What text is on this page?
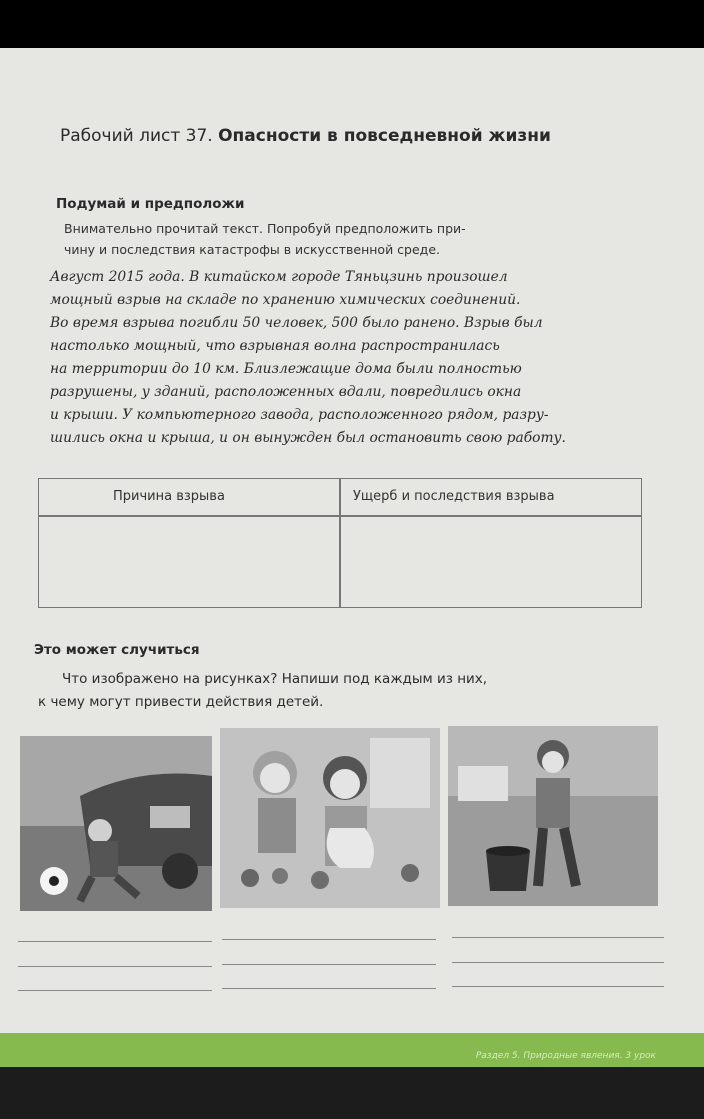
Рабочий лист 37. Опасности в повседневной жизни
Подумай и предположи
Внимательно прочитай текст. Попробуй предположить при-
чину и последствия катастрофы в искусственной среде.
Август 2015 года. В китайском городе Тяньцзинь произошел
мощный взрыв на складе по хранению химических соединений.
Во время взрыва погибли 50 человек, 500 было ранено. Взрыв был
настолько мощный, что взрывная волна распространилась
на территории до 10 км. Близлежащие дома были полностью
разрушены, у зданий, расположенных вдали, повредились окна
и крыши. У компьютерного завода, расположенного рядом, разру-
шились окна и крыша, и он вынужден был остановить свою работу.
Причина взрыва	Ущерб и последствия взрыва
Это может случиться
Что изображено на рисунках? Напиши под каждым из них,
к чему могут привести действия детей.
Раздел 5. Природные явления. 3 урок
